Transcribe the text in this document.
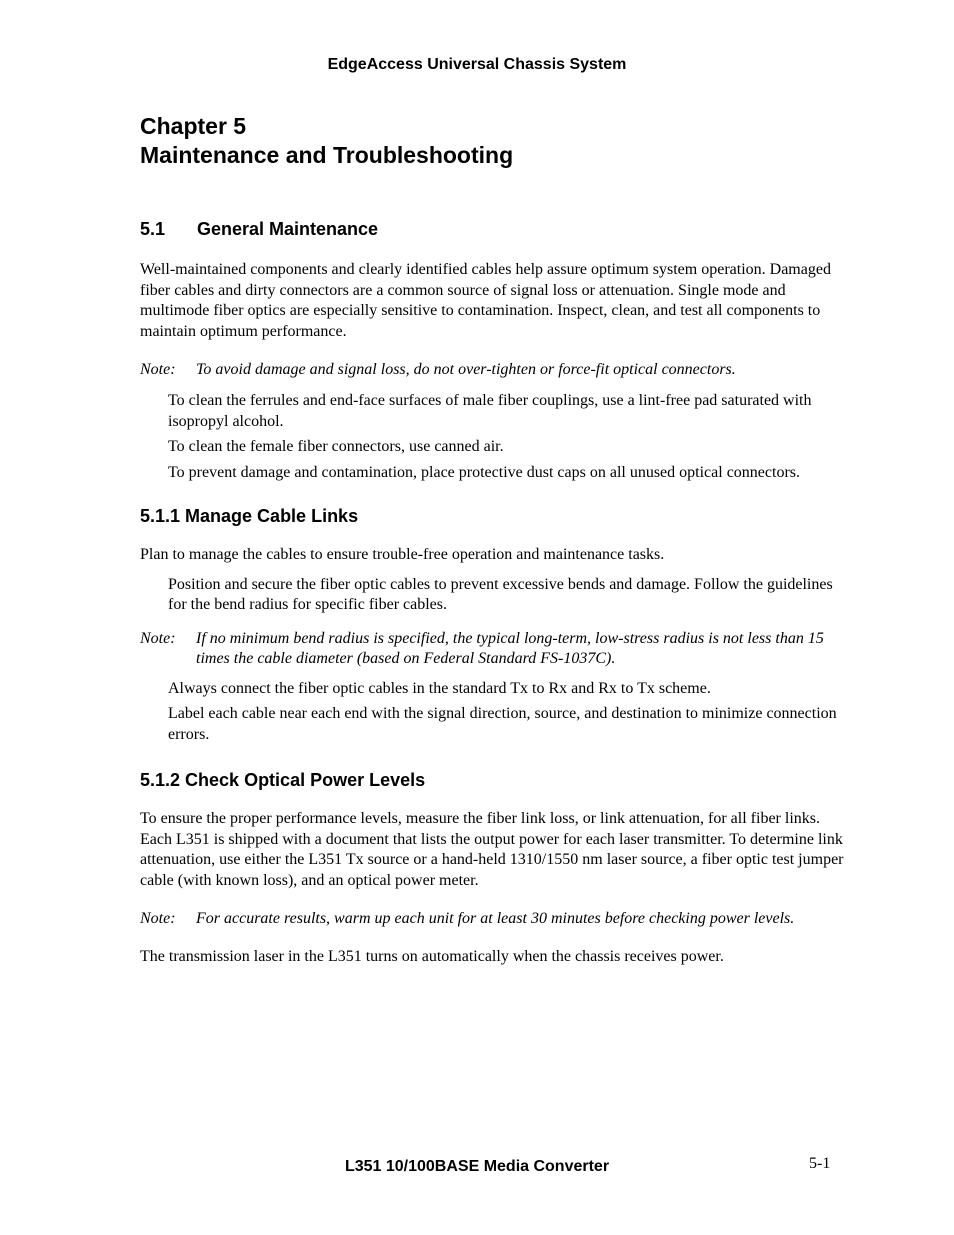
EdgeAccess Universal Chassis System
Chapter 5
Maintenance and Troubleshooting
5.1 General Maintenance

Well-maintained components and clearly identified cables help assure optimum system operation. Damaged fiber cables and dirty connectors are a common source of signal loss or attenuation. Single mode and multimode fiber optics are especially sensitive to contamination. Inspect, clean, and test all components to maintain optimum performance.

Note:	To avoid damage and signal loss, do not over-tighten or force-fit optical connectors.

To clean the ferrules and end-face surfaces of male fiber couplings, use a lint-free pad saturated with isopropyl alcohol.

To clean the female fiber connectors, use canned air.

To prevent damage and contamination, place protective dust caps on all unused optical connectors.

5.1.1 Manage Cable Links

Plan to manage the cables to ensure trouble-free operation and maintenance tasks.

Position and secure the fiber optic cables to prevent excessive bends and damage. Follow the guidelines for the bend radius for specific fiber cables.

Note:	If no minimum bend radius is specified, the typical long-term, low-stress radius is not less than 15 times the cable diameter (based on Federal Standard FS-1037C).

Always connect the fiber optic cables in the standard Tx to Rx and Rx to Tx scheme.

Label each cable near each end with the signal direction, source, and destination to minimize connection errors.

5.1.2 Check Optical Power Levels

To ensure the proper performance levels, measure the fiber link loss, or link attenuation, for all fiber links. Each L351 is shipped with a document that lists the output power for each laser transmitter. To determine link attenuation, use either the L351 Tx source or a hand-held 1310/1550 nm laser source, a fiber optic test jumper cable (with known loss), and an optical power meter.

Note:	For accurate results, warm up each unit for at least 30 minutes before checking power levels.

The transmission laser in the L351 turns on automatically when the chassis receives power.

L351 10/100BASE Media Converter	5-1
